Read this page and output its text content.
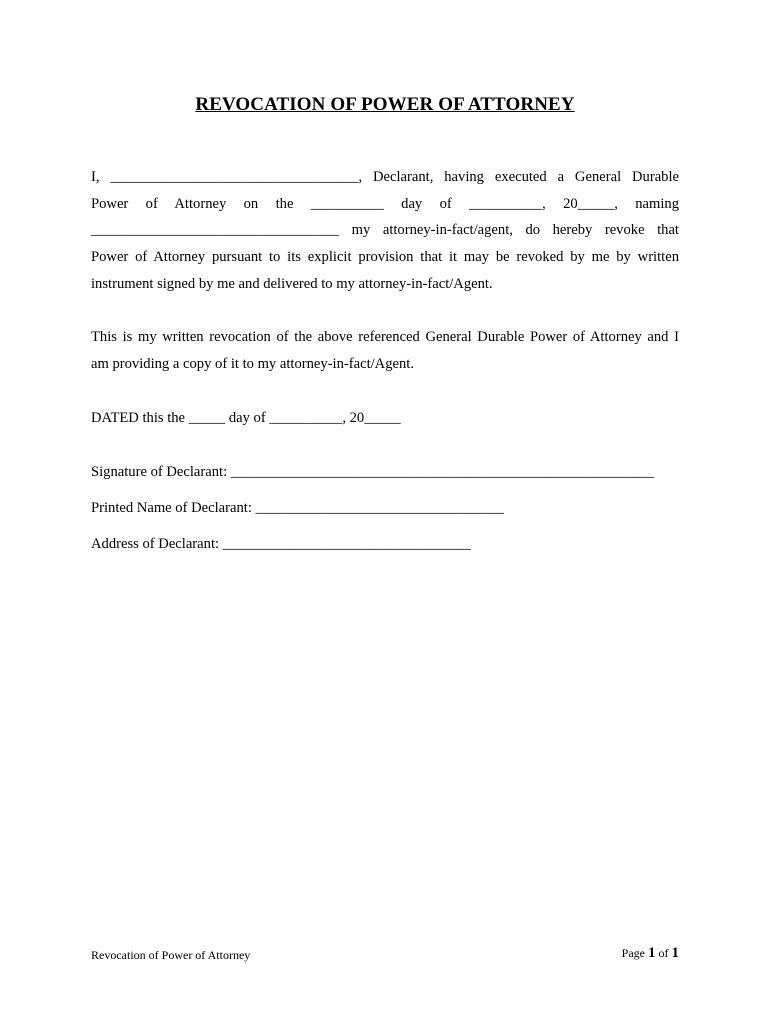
REVOCATION OF POWER OF ATTORNEY
I, __________________________________, Declarant, having executed a General Durable
Power of Attorney on the __________ day of __________, 20_____, naming
__________________________________ my attorney-in-fact/agent, do hereby revoke that
Power of Attorney pursuant to its explicit provision that it may be revoked by me by written
instrument signed by me and delivered to my attorney-in-fact/Agent.
This is my written revocation of the above referenced General Durable Power of Attorney and I
am providing a copy of it to my attorney-in-fact/Agent.
DATED this the _____ day of __________, 20_____
Signature of Declarant: __________________________________________________________
Printed Name of Declarant: __________________________________
Address of Declarant: __________________________________
Revocation of Power of Attorney	Page 1 of 1
